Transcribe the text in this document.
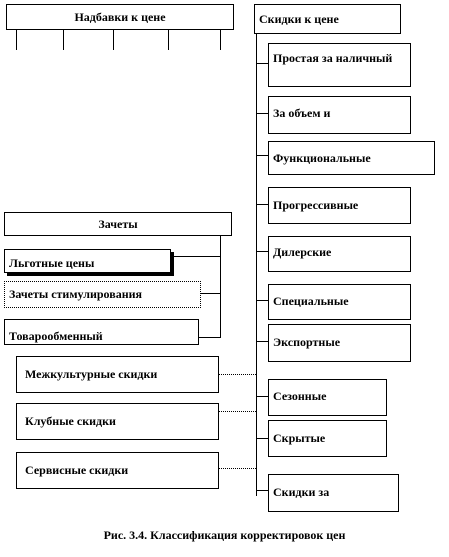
Надбавки к цене	Скидки к цене
Простая за наличный
За объем и
Функциональные
Прогрессивные
Дилерские
Специальные
Экспортные
Сезонные
Скрытые
Скидки за
Зачеты
Льготные цены
Зачеты стимулирования
Товарообменный
Межкультурные скидки
Клубные скидки
Сервисные скидки
Рис. 3.4. Классификация корректировок цен
